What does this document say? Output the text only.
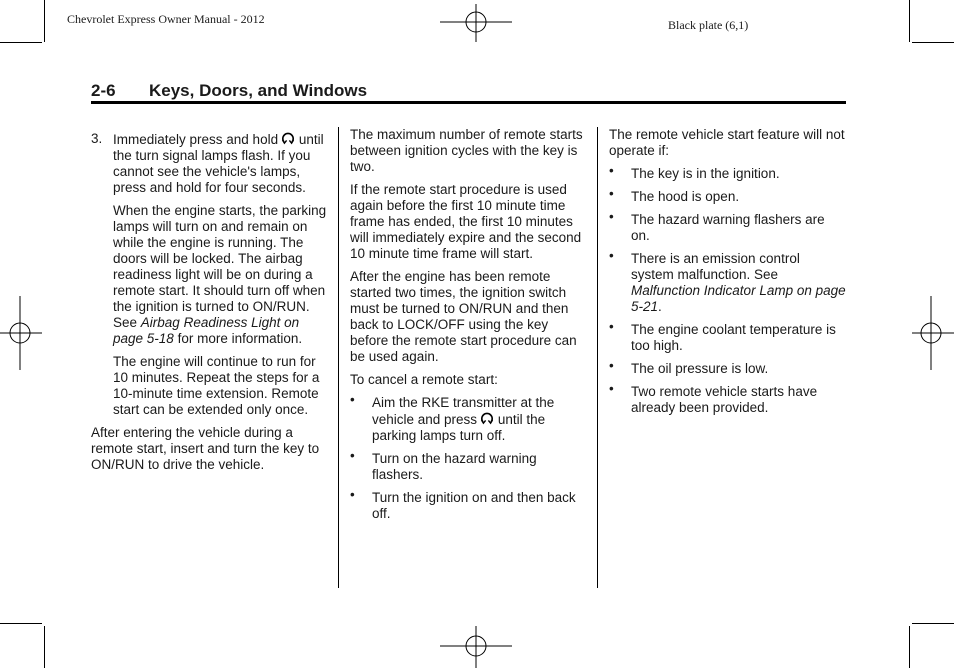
Chevrolet Express Owner Manual - 2012	Black plate (6,1)
2-6 Keys, Doors, and Windows
3. Immediately press and hold until the turn signal lamps flash. If you cannot see the vehicle's lamps, press and hold for four seconds.

When the engine starts, the parking lamps will turn on and remain on while the engine is running. The doors will be locked. The airbag readiness light will be on during a remote start. It should turn off when the ignition is turned to ON/RUN. See Airbag Readiness Light on page 5-18 for more information.

The engine will continue to run for 10 minutes. Repeat the steps for a 10-minute time extension. Remote start can be extended only once.

After entering the vehicle during a remote start, insert and turn the key to ON/RUN to drive the vehicle.

The maximum number of remote starts between ignition cycles with the key is two.

If the remote start procedure is used again before the first 10 minute time frame has ended, the first 10 minutes will immediately expire and the second 10 minute time frame will start.

After the engine has been remote started two times, the ignition switch must be turned to ON/RUN and then back to LOCK/OFF using the key before the remote start procedure can be used again.

To cancel a remote start:

• Aim the RKE transmitter at the vehicle and press until the parking lamps turn off.
• Turn on the hazard warning flashers.
• Turn the ignition on and then back off.

The remote vehicle start feature will not operate if:

• The key is in the ignition.
• The hood is open.
• The hazard warning flashers are on.
• There is an emission control system malfunction. See Malfunction Indicator Lamp on page 5-21.
• The engine coolant temperature is too high.
• The oil pressure is low.
• Two remote vehicle starts have already been provided.
